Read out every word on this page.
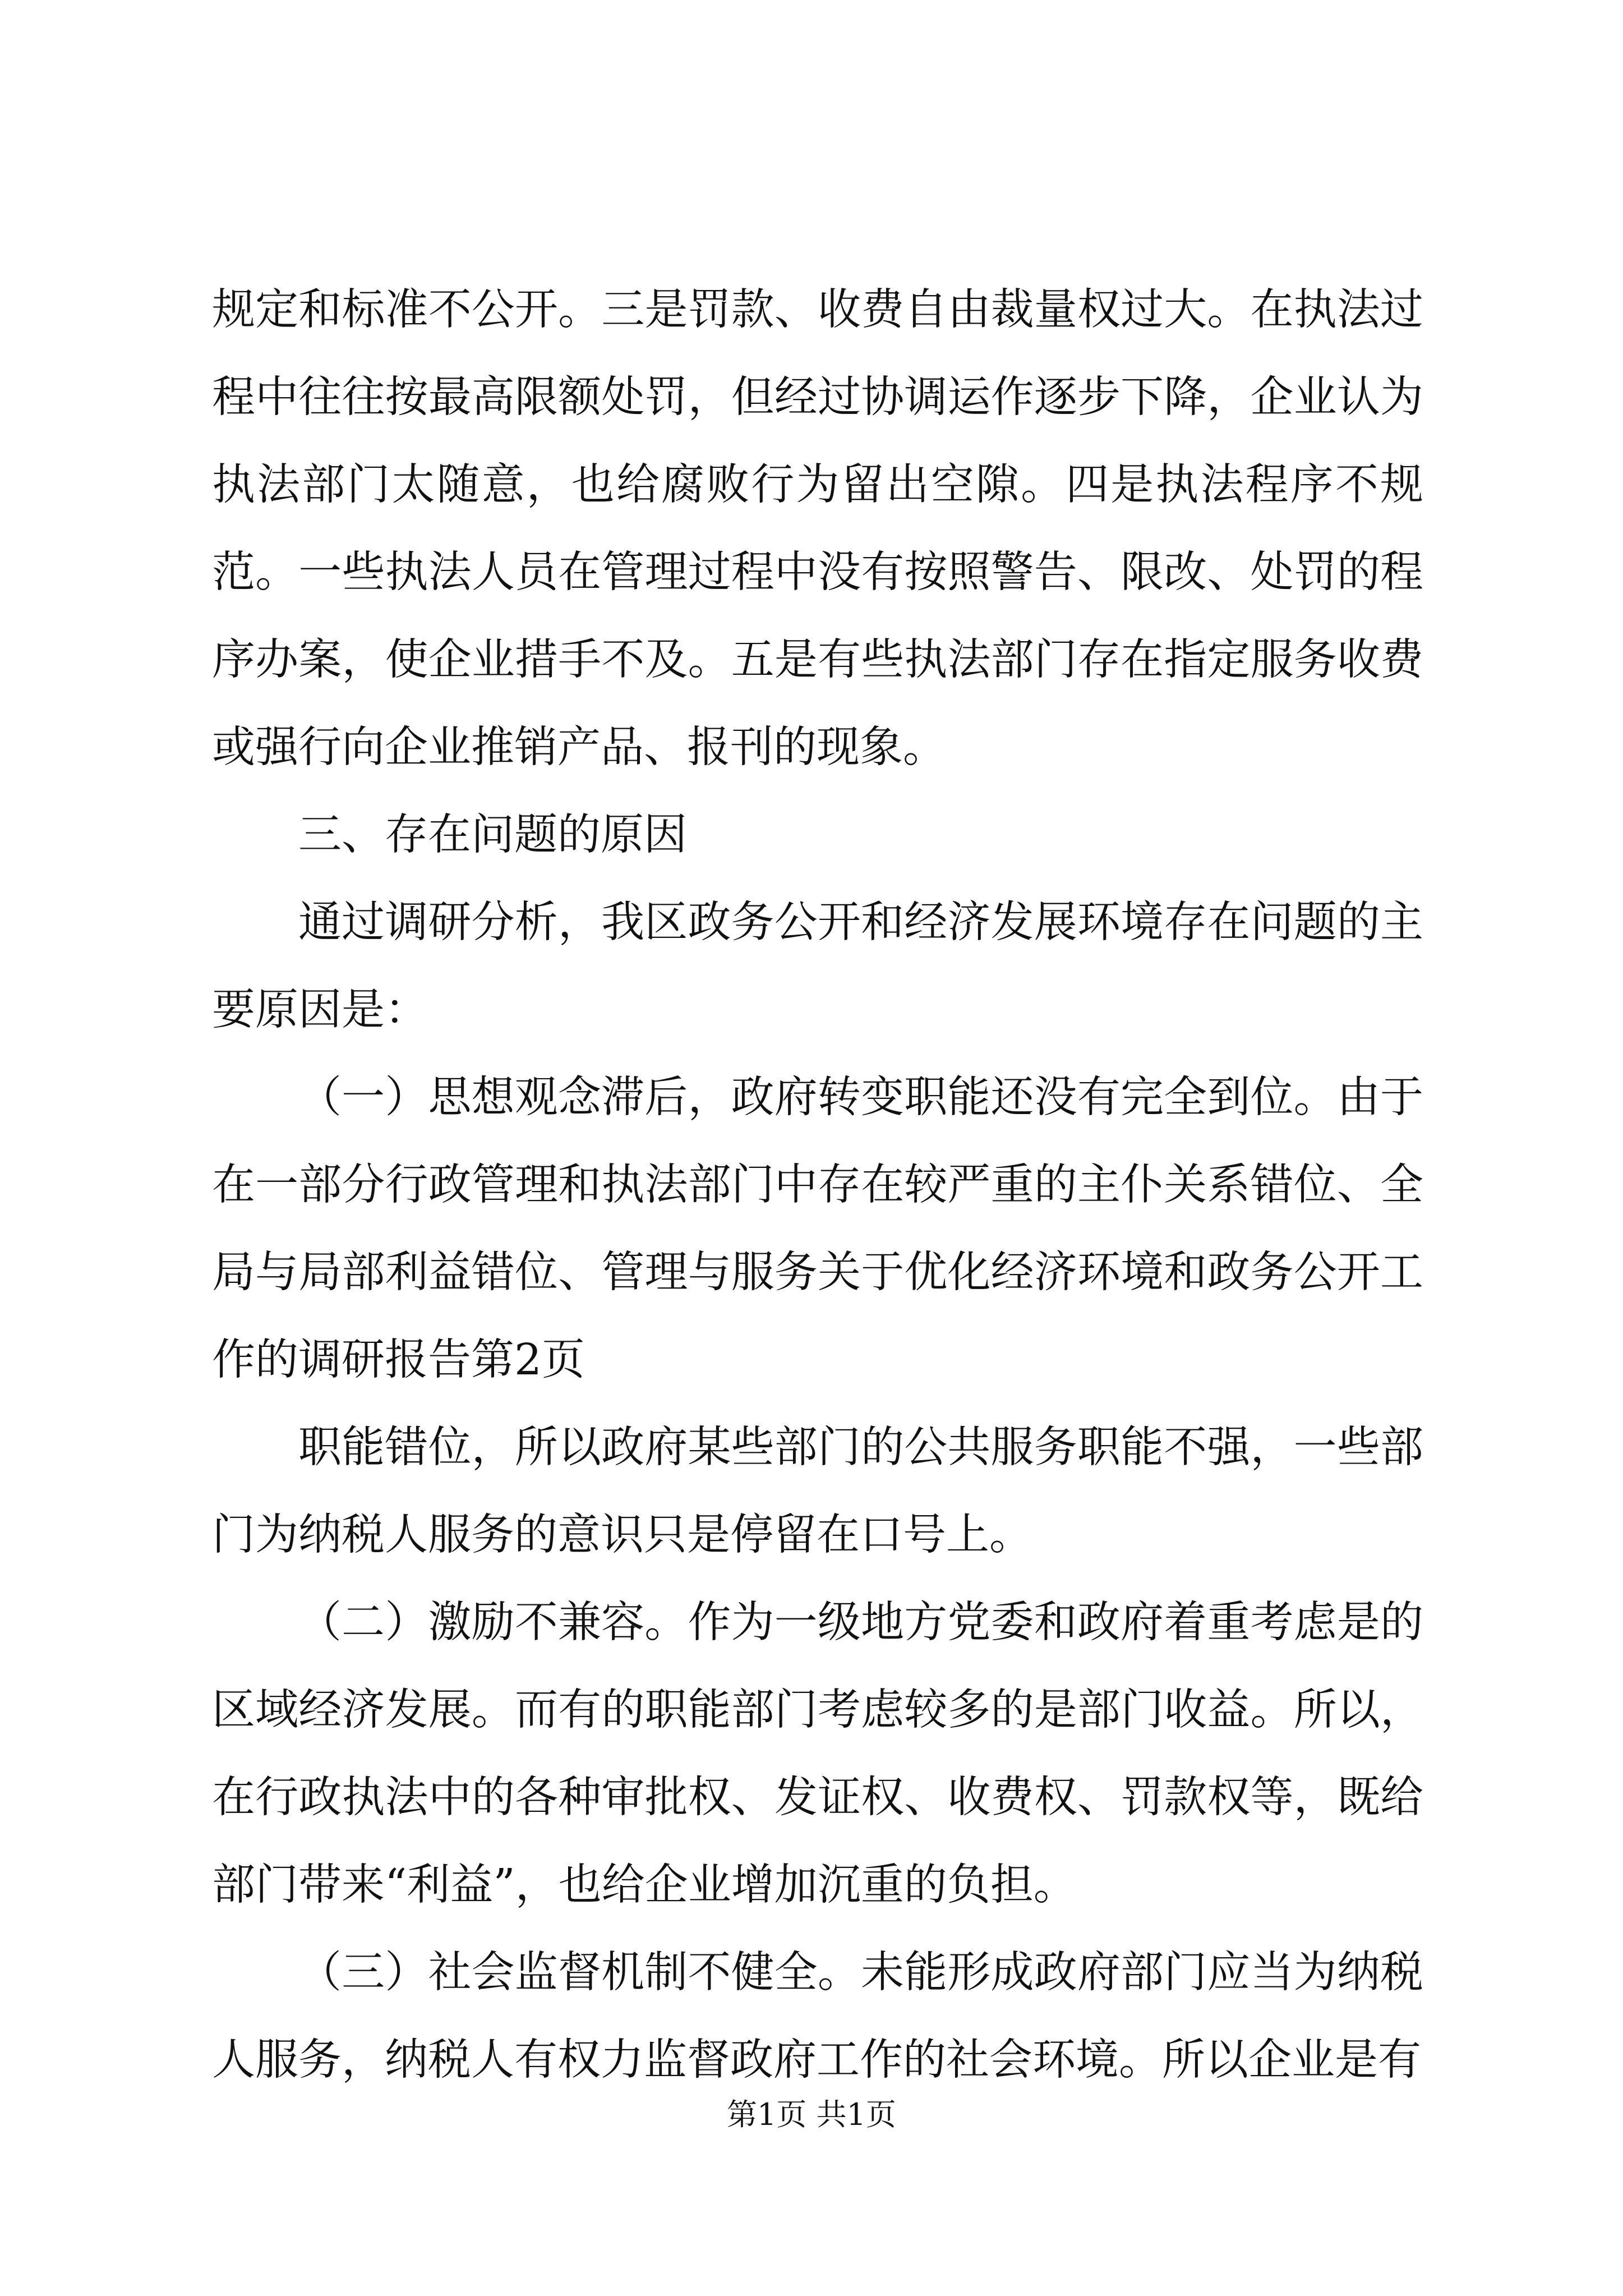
规定和标准不公开。三是罚款、收费自由裁量权过大。在执法过程中往往按最高限额处罚，但经过协调运作逐步下降，企业认为执法部门太随意，也给腐败行为留出空隙。四是执法程序不规范。一些执法人员在管理过程中没有按照警告、限改、处罚的程序办案，使企业措手不及。五是有些执法部门存在指定服务收费或强行向企业推销产品、报刊的现象。

三、存在问题的原因

通过调研分析，我区政务公开和经济发展环境存在问题的主要原因是：

（一）思想观念滞后，政府转变职能还没有完全到位。由于在一部分行政管理和执法部门中存在较严重的主仆关系错位、全局与局部利益错位、管理与服务关于优化经济环境和政务公开工作的调研报告第2页

职能错位，所以政府某些部门的公共服务职能不强，一些部门为纳税人服务的意识只是停留在口号上。

（二）激励不兼容。作为一级地方党委和政府着重考虑是的区域经济发展。而有的职能部门考虑较多的是部门收益。所以，在行政执法中的各种审批权、发证权、收费权、罚款权等，既给部门带来“利益”，也给企业增加沉重的负担。

（三）社会监督机制不健全。未能形成政府部门应当为纳税人服务，纳税人有权力监督政府工作的社会环境。所以企业是有

第1页 共1页
